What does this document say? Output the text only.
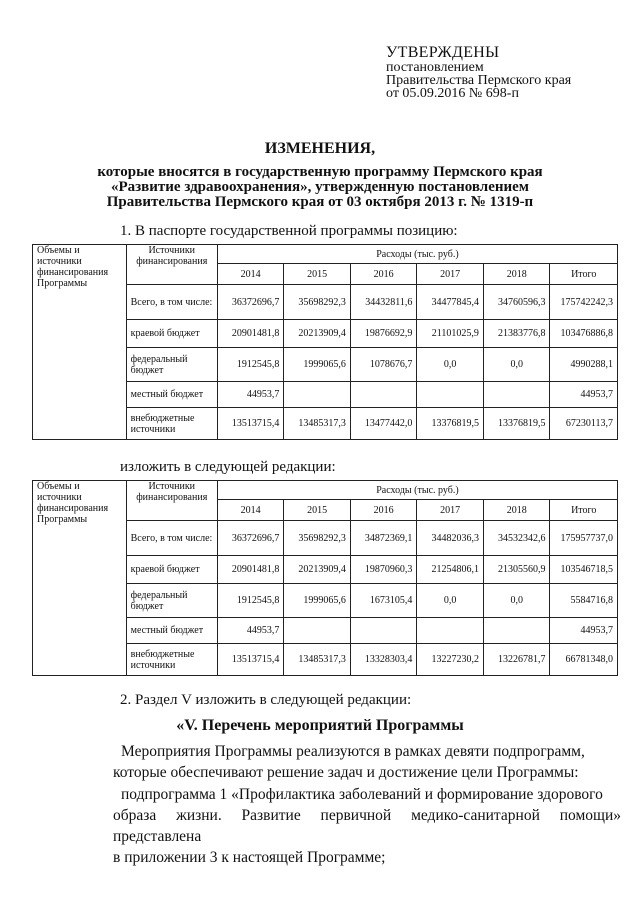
УТВЕРЖДЕНЫ
постановлением
Правительства Пермского края
от 05.09.2016 № 698-п
ИЗМЕНЕНИЯ,
которые вносятся в государственную программу Пермского края
«Развитие здравоохранения», утвержденную постановлением
Правительства Пермского края от 03 октября 2013 г. № 1319-п
1. В паспорте государственной программы позицию:
Объемы и источники финансирования Программы	Источники финансирования	Расходы (тыс. руб.)					
		2014	2015	2016	2017	2018	Итого
	Всего, в том числе:	36372696,7	35698292,3	34432811,6	34477845,4	34760596,3	175742242,3
	краевой бюджет	20901481,8	20213909,4	19876692,9	21101025,9	21383776,8	103476886,8
	федеральный бюджет	1912545,8	1999065,6	1078676,7	0,0	0,0	4990288,1
	местный бюджет	44953,7					44953,7
	внебюджетные источники	13513715,4	13485317,3	13477442,0	13376819,5	13376819,5	67230113,7
изложить в следующей редакции:
Объемы и источники финансирования Программы	Источники финансирования	Расходы (тыс. руб.)					
		2014	2015	2016	2017	2018	Итого
	Всего, в том числе:	36372696,7	35698292,3	34872369,1	34482036,3	34532342,6	175957737,0
	краевой бюджет	20901481,8	20213909,4	19870960,3	21254806,1	21305560,9	103546718,5
	федеральный бюджет	1912545,8	1999065,6	1673105,4	0,0	0,0	5584716,8
	местный бюджет	44953,7					44953,7
	внебюджетные источники	13513715,4	13485317,3	13328303,4	13227230,2	13226781,7	66781348,0
2. Раздел V изложить в следующей редакции:
«V. Перечень мероприятий Программы
Мероприятия Программы реализуются в рамках девяти подпрограмм,
которые обеспечивают решение задач и достижение цели Программы:
подпрограмма 1 «Профилактика заболеваний и формирование здорового
образа жизни. Развитие первичной медико-санитарной помощи» представлена
в приложении 3 к настоящей Программе;
